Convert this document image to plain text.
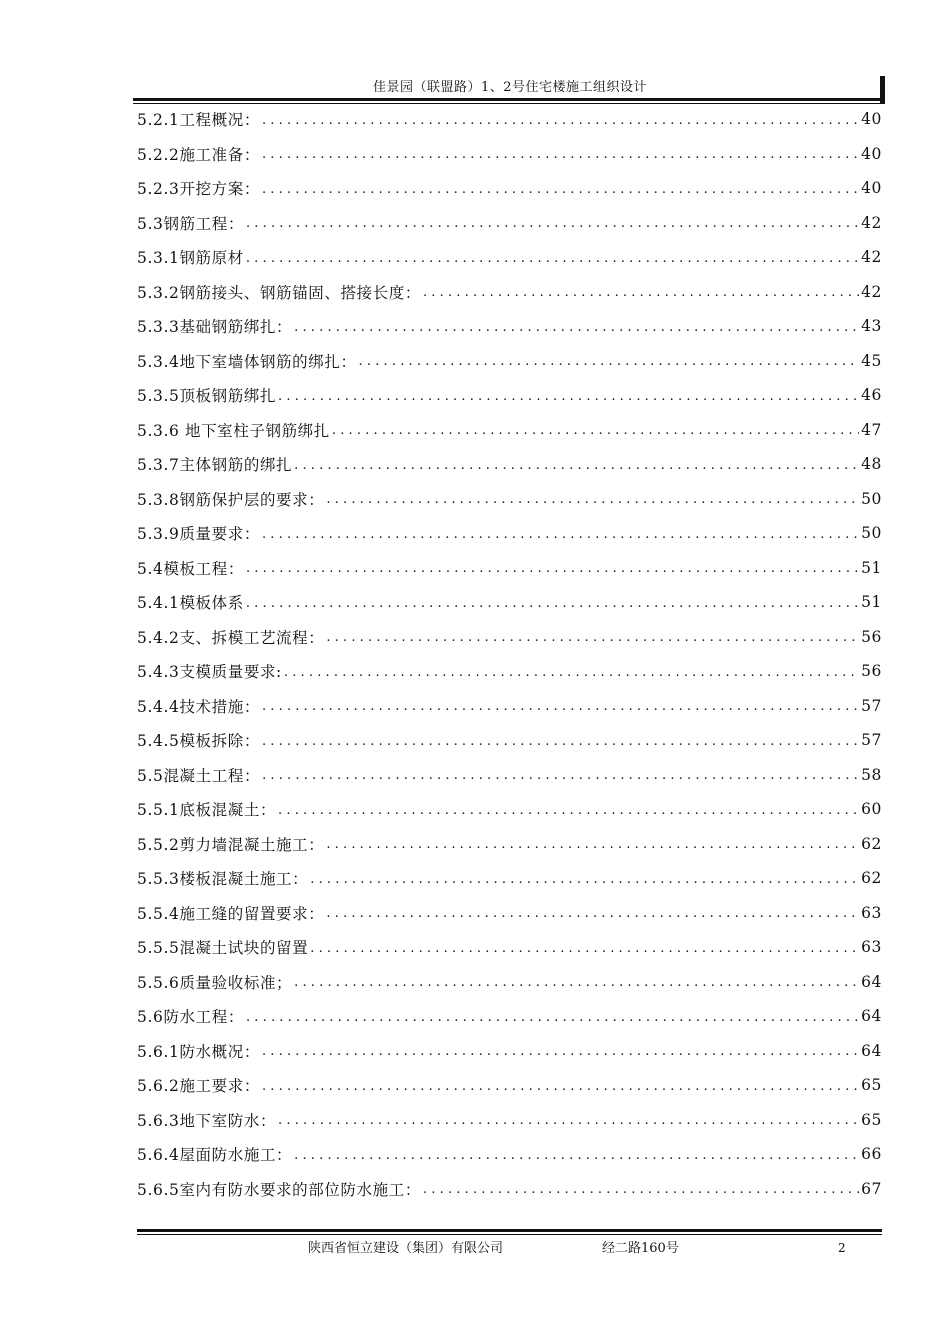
佳景园（联盟路）1、2号住宅楼施工组织设计
5.2.1工程概况： .....	40
5.2.2施工准备： .....	40
5.2.3开挖方案： .....	40
5.3钢筋工程： .....	42
5.3.1钢筋原材 .....	42
5.3.2钢筋接头、钢筋锚固、搭接长度： .....	42
5.3.3基础钢筋绑扎： .....	43
5.3.4地下室墙体钢筋的绑扎： .....	45
5.3.5顶板钢筋绑扎 .....	46
5.3.6 地下室柱子钢筋绑扎 .....	47
5.3.7主体钢筋的绑扎 .....	48
5.3.8钢筋保护层的要求： .....	50
5.3.9质量要求： .....	50
5.4模板工程： .....	51
5.4.1模板体系 .....	51
5.4.2支、拆模工艺流程： .....	56
5.4.3支模质量要求: .....	56
5.4.4技术措施： .....	57
5.4.5模板拆除： .....	57
5.5混凝土工程： .....	58
5.5.1底板混凝土： .....	60
5.5.2剪力墙混凝土施工： .....	62
5.5.3楼板混凝土施工： .....	62
5.5.4施工缝的留置要求： .....	63
5.5.5混凝土试块的留置 .....	63
5.5.6质量验收标准； .....	64
5.6防水工程： .....	64
5.6.1防水概况： .....	64
5.6.2施工要求： .....	65
5.6.3地下室防水： .....	65
5.6.4屋面防水施工： .....	66
5.6.5室内有防水要求的部位防水施工： .....	67
陕西省恒立建设（集团）有限公司	经二路160号	2
